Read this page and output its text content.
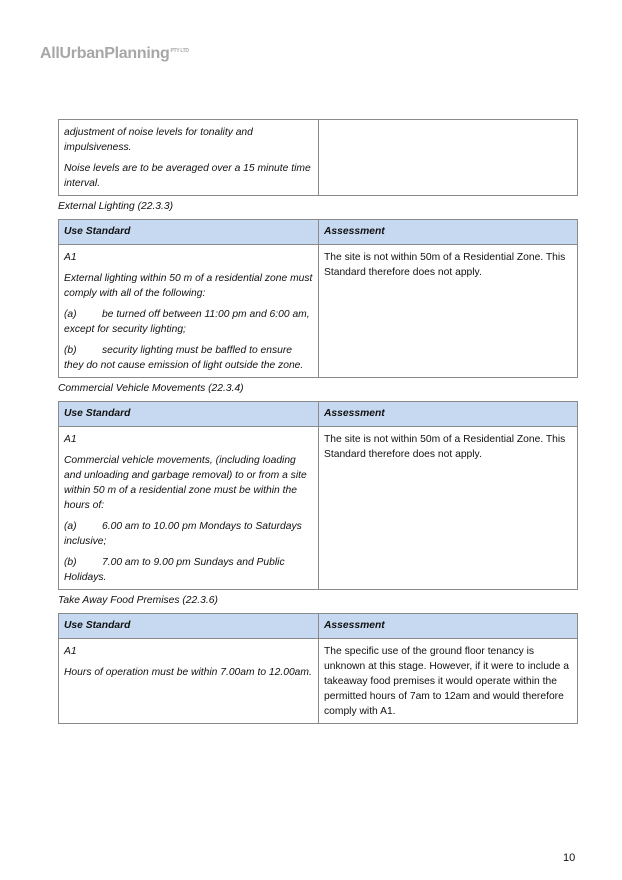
AllUrbanPlanning$^{PTY LTD}$

adjustment of noise levels for tonality and impulsiveness.

Noise levels are to be averaged over a 15 minute time interval.

External Lighting (22.3.3)
Use Standard	Assessment

A1

External lighting within 50 m of a residential zone must comply with all of the following:

(a) be turned off between 11:00 pm and 6:00 am, except for security lighting;

(b) security lighting must be baffled to ensure they do not cause emission of light outside the zone.	The site is not within 50m of a Residential Zone. This Standard therefore does not apply.

Commercial Vehicle Movements (22.3.4)
Use Standard	Assessment

A1

Commercial vehicle movements, (including loading and unloading and garbage removal) to or from a site within 50 m of a residential zone must be within the hours of:

(a) 6.00 am to 10.00 pm Mondays to Saturdays inclusive;

(b) 7.00 am to 9.00 pm Sundays and Public Holidays.	The site is not within 50m of a Residential Zone. This Standard therefore does not apply.

Take Away Food Premises (22.3.6)
Use Standard	Assessment

A1

Hours of operation must be within 7.00am to 12.00am.	The specific use of the ground floor tenancy is unknown at this stage. However, if it were to include a takeaway food premises it would operate within the permitted hours of 7am to 12am and would therefore comply with A1.

10
